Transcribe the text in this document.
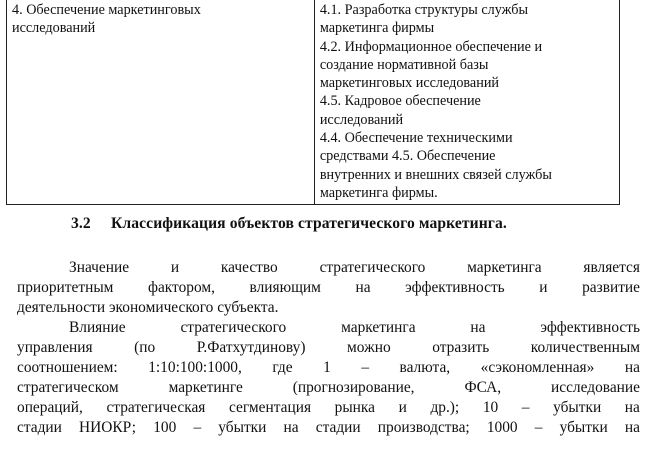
4. Обеспечение маркетинговых
исследований

4.1. Разработка структуры службы
маркетинга фирмы
4.2. Информационное обеспечение и
создание нормативной базы
маркетинговых исследований
4.5. Кадровое обеспечение
исследований
4.4. Обеспечение техническими
средствами 4.5. Обеспечение
внутренних и внешних связей службы
маркетинга фирмы.
3.2 Классификация объектов стратегического маркетинга.
Значение	и	качество	стратегического	маркетинга	является
приоритетным фактором, влияющим на эффективность и развитие
деятельности экономического субъекта.
Влияние	стратегического	маркетинга	на	эффективность
управления	(по	Р.Фатхутдинову)	можно	отразить	количественным
соотношением: 1:10:100:1000, где 1 – валюта, «сэкономленная» на
стратегическом	маркетинге	(прогнозирование,	ФСА,	исследование
операций, стратегическая сегментация рынка и др.); 10 – убытки на
стадии НИОКР; 100 – убытки на стадии производства; 1000 – убытки на
